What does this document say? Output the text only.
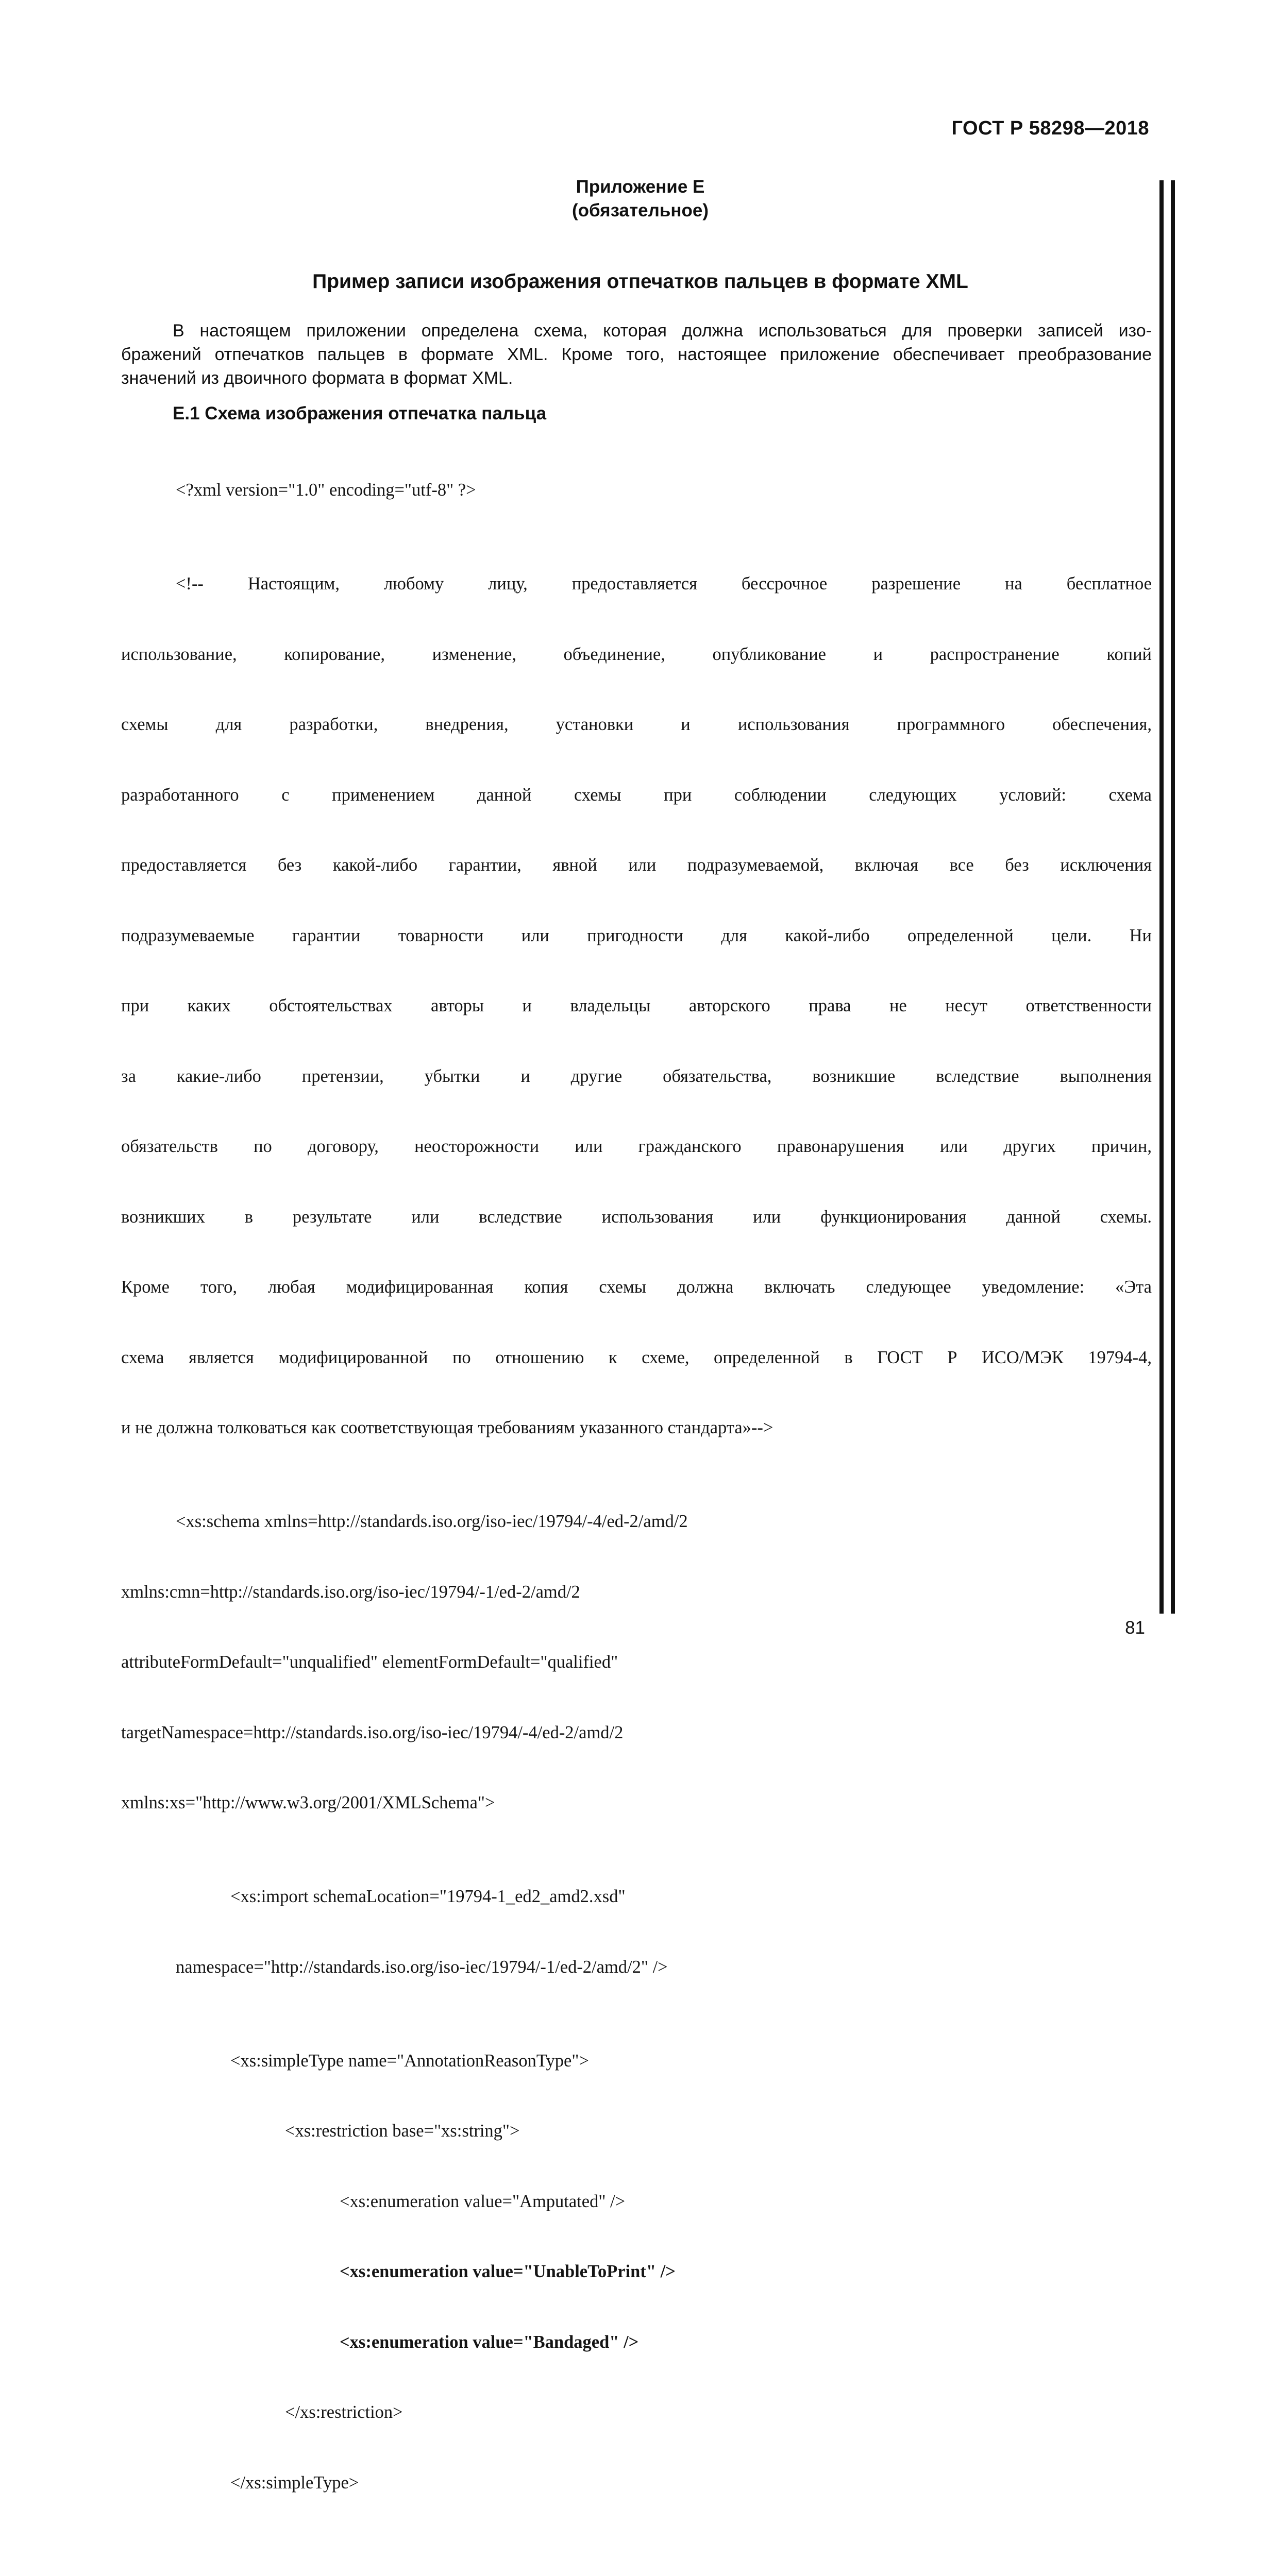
ГОСТ Р 58298—2018
Приложение Е
(обязательное)
Пример записи изображения отпечатков пальцев в формате XML
В настоящем приложении определена схема, которая должна использоваться для проверки записей изо-
бражений отпечатков пальцев в формате XML. Кроме того, настоящее приложение обеспечивает преобразование
значений из двоичного формата в формат XML.
Е.1 Схема изображения отпечатка пальца

<?xml version="1.0" encoding="utf-8" ?>

<!-- Настоящим, любому лицу, предоставляется бессрочное разрешение на бесплатное

использование, копирование, изменение, объединение, опубликование и распространение копий

схемы для разработки, внедрения, установки и использования программного обеспечения,

разработанного с применением данной схемы при соблюдении следующих условий: схема

предоставляется без какой-либо гарантии, явной или подразумеваемой, включая все без исключения

подразумеваемые гарантии товарности или пригодности для какой-либо определенной цели. Ни

при каких обстоятельствах авторы и владельцы авторского права не несут ответственности

за какие-либо претензии, убытки и другие обязательства, возникшие вследствие выполнения

обязательств по договору, неосторожности или гражданского правонарушения или других причин,

возникших в результате или вследствие использования или функционирования данной схемы.

Кроме того, любая модифицированная копия схемы должна включать следующее уведомление: «Эта

схема является модифицированной по отношению к схеме, определенной в ГОСТ Р ИСО/МЭК 19794-4,

и не должна толковаться как соответствующая требованиям указанного стандарта»-->

<xs:schema xmlns=http://standards.iso.org/iso-iec/19794/-4/ed-2/amd/2

xmlns:cmn=http://standards.iso.org/iso-iec/19794/-1/ed-2/amd/2

attributeFormDefault="unqualified" elementFormDefault="qualified"

targetNamespace=http://standards.iso.org/iso-iec/19794/-4/ed-2/amd/2

xmlns:xs="http://www.w3.org/2001/XMLSchema">

<xs:import schemaLocation="19794-1_ed2_amd2.xsd"

namespace="http://standards.iso.org/iso-iec/19794/-1/ed-2/amd/2" />

<xs:simpleType name="AnnotationReasonType">

<xs:restriction base="xs:string">

<xs:enumeration value="Amputated" />

<xs:enumeration value="UnableToPrint" />

<xs:enumeration value="Bandaged" />

</xs:restriction>

</xs:simpleType>

81
